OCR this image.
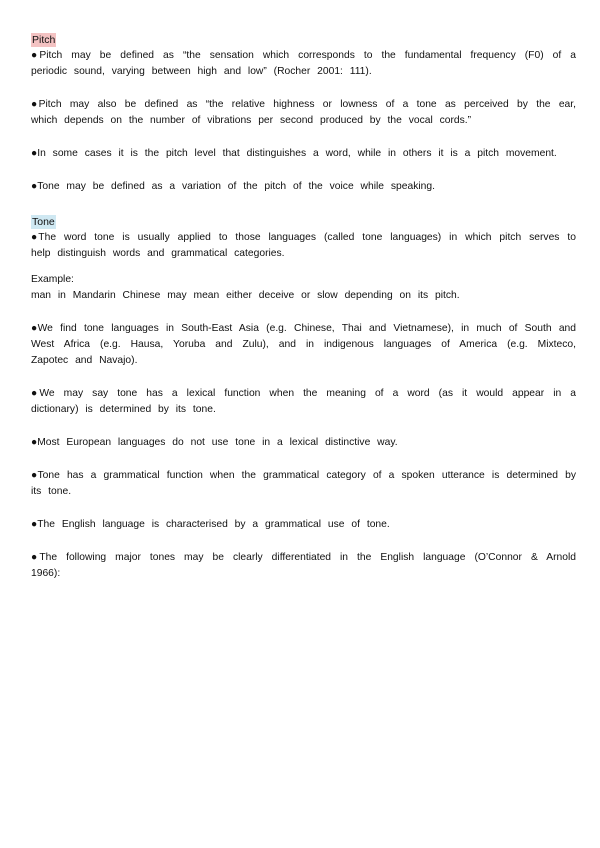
Pitch

●Pitch may be defined as “the sensation which corresponds to the fundamental frequency (F0) of a periodic sound, varying between high and low” (Rocher 2001: 111).

●Pitch may also be defined as “the relative highness or lowness of a tone as perceived by the ear, which depends on the number of vibrations per second produced by the vocal cords.”

●In some cases it is the pitch level that distinguishes a word, while in others it is a pitch movement.

●Tone may be defined as a variation of the pitch of the voice while speaking.

Tone

●The word tone is usually applied to those languages (called tone languages) in which pitch serves to help distinguish words and grammatical categories.

Example:

man in Mandarin Chinese may mean either deceive or slow depending on its pitch.

●We find tone languages in South-East Asia (e.g. Chinese, Thai and Vietnamese), in much of South and West Africa (e.g. Hausa, Yoruba and Zulu), and in indigenous languages of America (e.g. Mixteco, Zapotec and Navajo).

●We may say tone has a lexical function when the meaning of a word (as it would appear in a dictionary) is determined by its tone.

●Most European languages do not use tone in a lexical distinctive way.

●Tone has a grammatical function when the grammatical category of a spoken utterance is determined by its tone.

●The English language is characterised by a grammatical use of tone.

●The following major tones may be clearly differentiated in the English language (O’Connor & Arnold 1966):
